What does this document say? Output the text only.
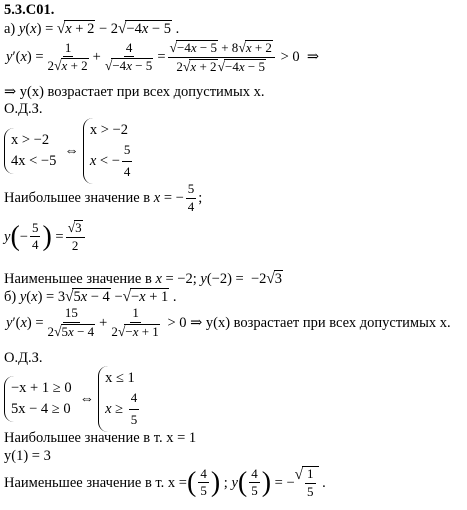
5.3.С01.
а)
y ( x ) = √ x + 2 − 2 √ −4x − 5 .
y ′( x ) = $\frac{1}{2 √ x + 2} + \frac{4}{√ -4x - 5} = \frac{√ -4x - 5 + 8 √ x + 2}{2 √ x + 2 √ -4x - 5} > 0$  ⇒
⇒ y(x) возрастает при всех допустимых х.
О.Д.З.
x > −2
4x < −5
⇔
x > −2
x < − $\frac{5}{4}$
Наибольшее значение в
x = − $\frac{5}{4}$ ;
y ( − $\frac{5}{4}$ ) = $\frac{√ 3}{2}$
Наименьшее значение в
x = −2; y (−2) =  −2 √ 3
б)
y ( x ) = 3 √ 5x − 4 − √ −x + 1 .
y ′( x ) = $\frac{15}{2 √ 5x - 4} + \frac{1}{2 √ -x + 1} > 0$ ⇒ y(x) возрастает при всех допустимых х.
О.Д.З.
−x + 1 ≥ 0
5x − 4 ≥ 0
⇔
x ≤ 1
$x \ge \frac{4}{5}$
Наибольшее значение в т. х = 1
y(1) = 3
Наименьшее значение в т. х = ( $\frac{4}{5}$ ) ; y ( $\frac{4}{5}$ ) = − √ $\frac{1}{5}$ .
